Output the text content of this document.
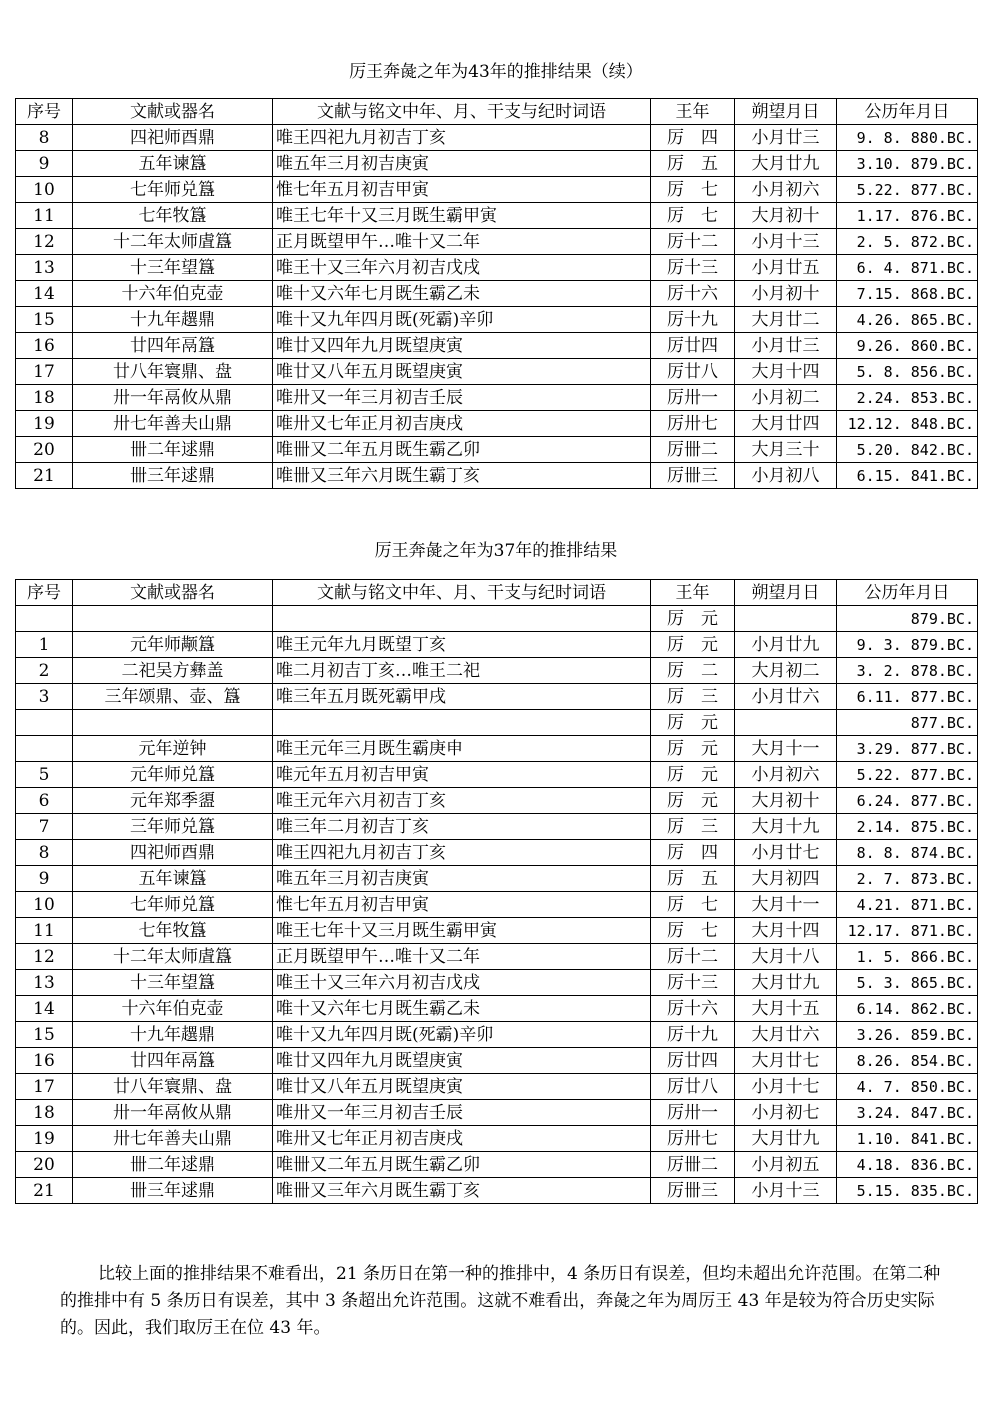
厉王奔彘之年为43年的推排结果（续）
序号	文献或器名	文献与铭文中年、月、干支与纪时词语	王年	朔望月日	公历年月日
8	四祀师酉鼎	唯王四祀九月初吉丁亥	厉　四	小月廿三	9. 8. 880.BC.
9	五年谏簋	唯五年三月初吉庚寅	厉　五	大月廿九	3.10. 879.BC.
10	七年师兑簋	惟七年五月初吉甲寅	厉　七	小月初六	5.22. 877.BC.
11	七年牧簋	唯王七年十又三月既生霸甲寅	厉　七	大月初十	1.17. 876.BC.
12	十二年太师虘簋	正月既望甲午…唯十又二年	厉十二	小月十三	2. 5. 872.BC.
13	十三年望簋	唯王十又三年六月初吉戊戌	厉十三	小月廿五	6. 4. 871.BC.
14	十六年伯克壶	唯十又六年七月既生霸乙未	厉十六	小月初十	7.15. 868.BC.
15	十九年趩鼎	唯十又九年四月既(死霸)辛卯	厉十九	大月廿二	4.26. 865.BC.
16	廿四年鬲簋	唯廿又四年九月既望庚寅	厉廿四	小月廿三	9.26. 860.BC.
17	廿八年寰鼎、盘	唯廿又八年五月既望庚寅	厉廿八	大月十四	5. 8. 856.BC.
18	卅一年鬲攸从鼎	唯卅又一年三月初吉壬辰	厉卅一	小月初二	2.24. 853.BC.
19	卅七年善夫山鼎	唯卅又七年正月初吉庚戌	厉卅七	大月廿四	12.12. 848.BC.
20	卌二年逑鼎	唯卌又二年五月既生霸乙卯	厉卌二	大月三十	5.20. 842.BC.
21	卌三年逑鼎	唯卌又三年六月既生霸丁亥	厉卌三	小月初八	6.15. 841.BC.
厉王奔彘之年为37年的推排结果
序号	文献或器名	文献与铭文中年、月、干支与纪时词语	王年	朔望月日	公历年月日
			厉　元		879.BC.
1	元年师颟簋	唯王元年九月既望丁亥	厉　元	小月廿九	9. 3. 879.BC.
2	二祀吴方彝盖	唯二月初吉丁亥…唯王二祀	厉　二	大月初二	3. 2. 878.BC.
3	三年颂鼎、壶、簋	唯三年五月既死霸甲戌	厉　三	小月廿六	6.11. 877.BC.
			厉　元		877.BC.
	元年逆钟	唯王元年三月既生霸庚申	厉　元	大月十一	3.29. 877.BC.
5	元年师兑簋	唯元年五月初吉甲寅	厉　元	小月初六	5.22. 877.BC.
6	元年郑季盨	唯王元年六月初吉丁亥	厉　元	大月初十	6.24. 877.BC.
7	三年师兑簋	唯三年二月初吉丁亥	厉　三	大月十九	2.14. 875.BC.
8	四祀师酉鼎	唯王四祀九月初吉丁亥	厉　四	小月廿七	8. 8. 874.BC.
9	五年谏簋	唯五年三月初吉庚寅	厉　五	大月初四	2. 7. 873.BC.
10	七年师兑簋	惟七年五月初吉甲寅	厉　七	大月十一	4.21. 871.BC.
11	七年牧簋	唯王七年十又三月既生霸甲寅	厉　七	大月十四	12.17. 871.BC.
12	十二年太师虘簋	正月既望甲午…唯十又二年	厉十二	大月十八	1. 5. 866.BC.
13	十三年望簋	唯王十又三年六月初吉戊戌	厉十三	大月廿九	5. 3. 865.BC.
14	十六年伯克壶	唯十又六年七月既生霸乙未	厉十六	大月十五	6.14. 862.BC.
15	十九年趩鼎	唯十又九年四月既(死霸)辛卯	厉十九	大月廿六	3.26. 859.BC.
16	廿四年鬲簋	唯廿又四年九月既望庚寅	厉廿四	大月廿七	8.26. 854.BC.
17	廿八年寰鼎、盘	唯廿又八年五月既望庚寅	厉廿八	小月十七	4. 7. 850.BC.
18	卅一年鬲攸从鼎	唯卅又一年三月初吉壬辰	厉卅一	小月初七	3.24. 847.BC.
19	卅七年善夫山鼎	唯卅又七年正月初吉庚戌	厉卅七	大月廿九	1.10. 841.BC.
20	卌二年逑鼎	唯卌又二年五月既生霸乙卯	厉卌二	小月初五	4.18. 836.BC.
21	卌三年逑鼎	唯卌又三年六月既生霸丁亥	厉卌三	小月十三	5.15. 835.BC.

比较上面的推排结果不难看出，21 条历日在第一种的推排中，4 条历日有误差，但均未超出允许范围。在第二种的推排中有 5 条历日有误差，其中 3 条超出允许范围。这就不难看出，奔彘之年为周厉王 43 年是较为符合历史实际的。因此，我们取厉王在位 43 年。
